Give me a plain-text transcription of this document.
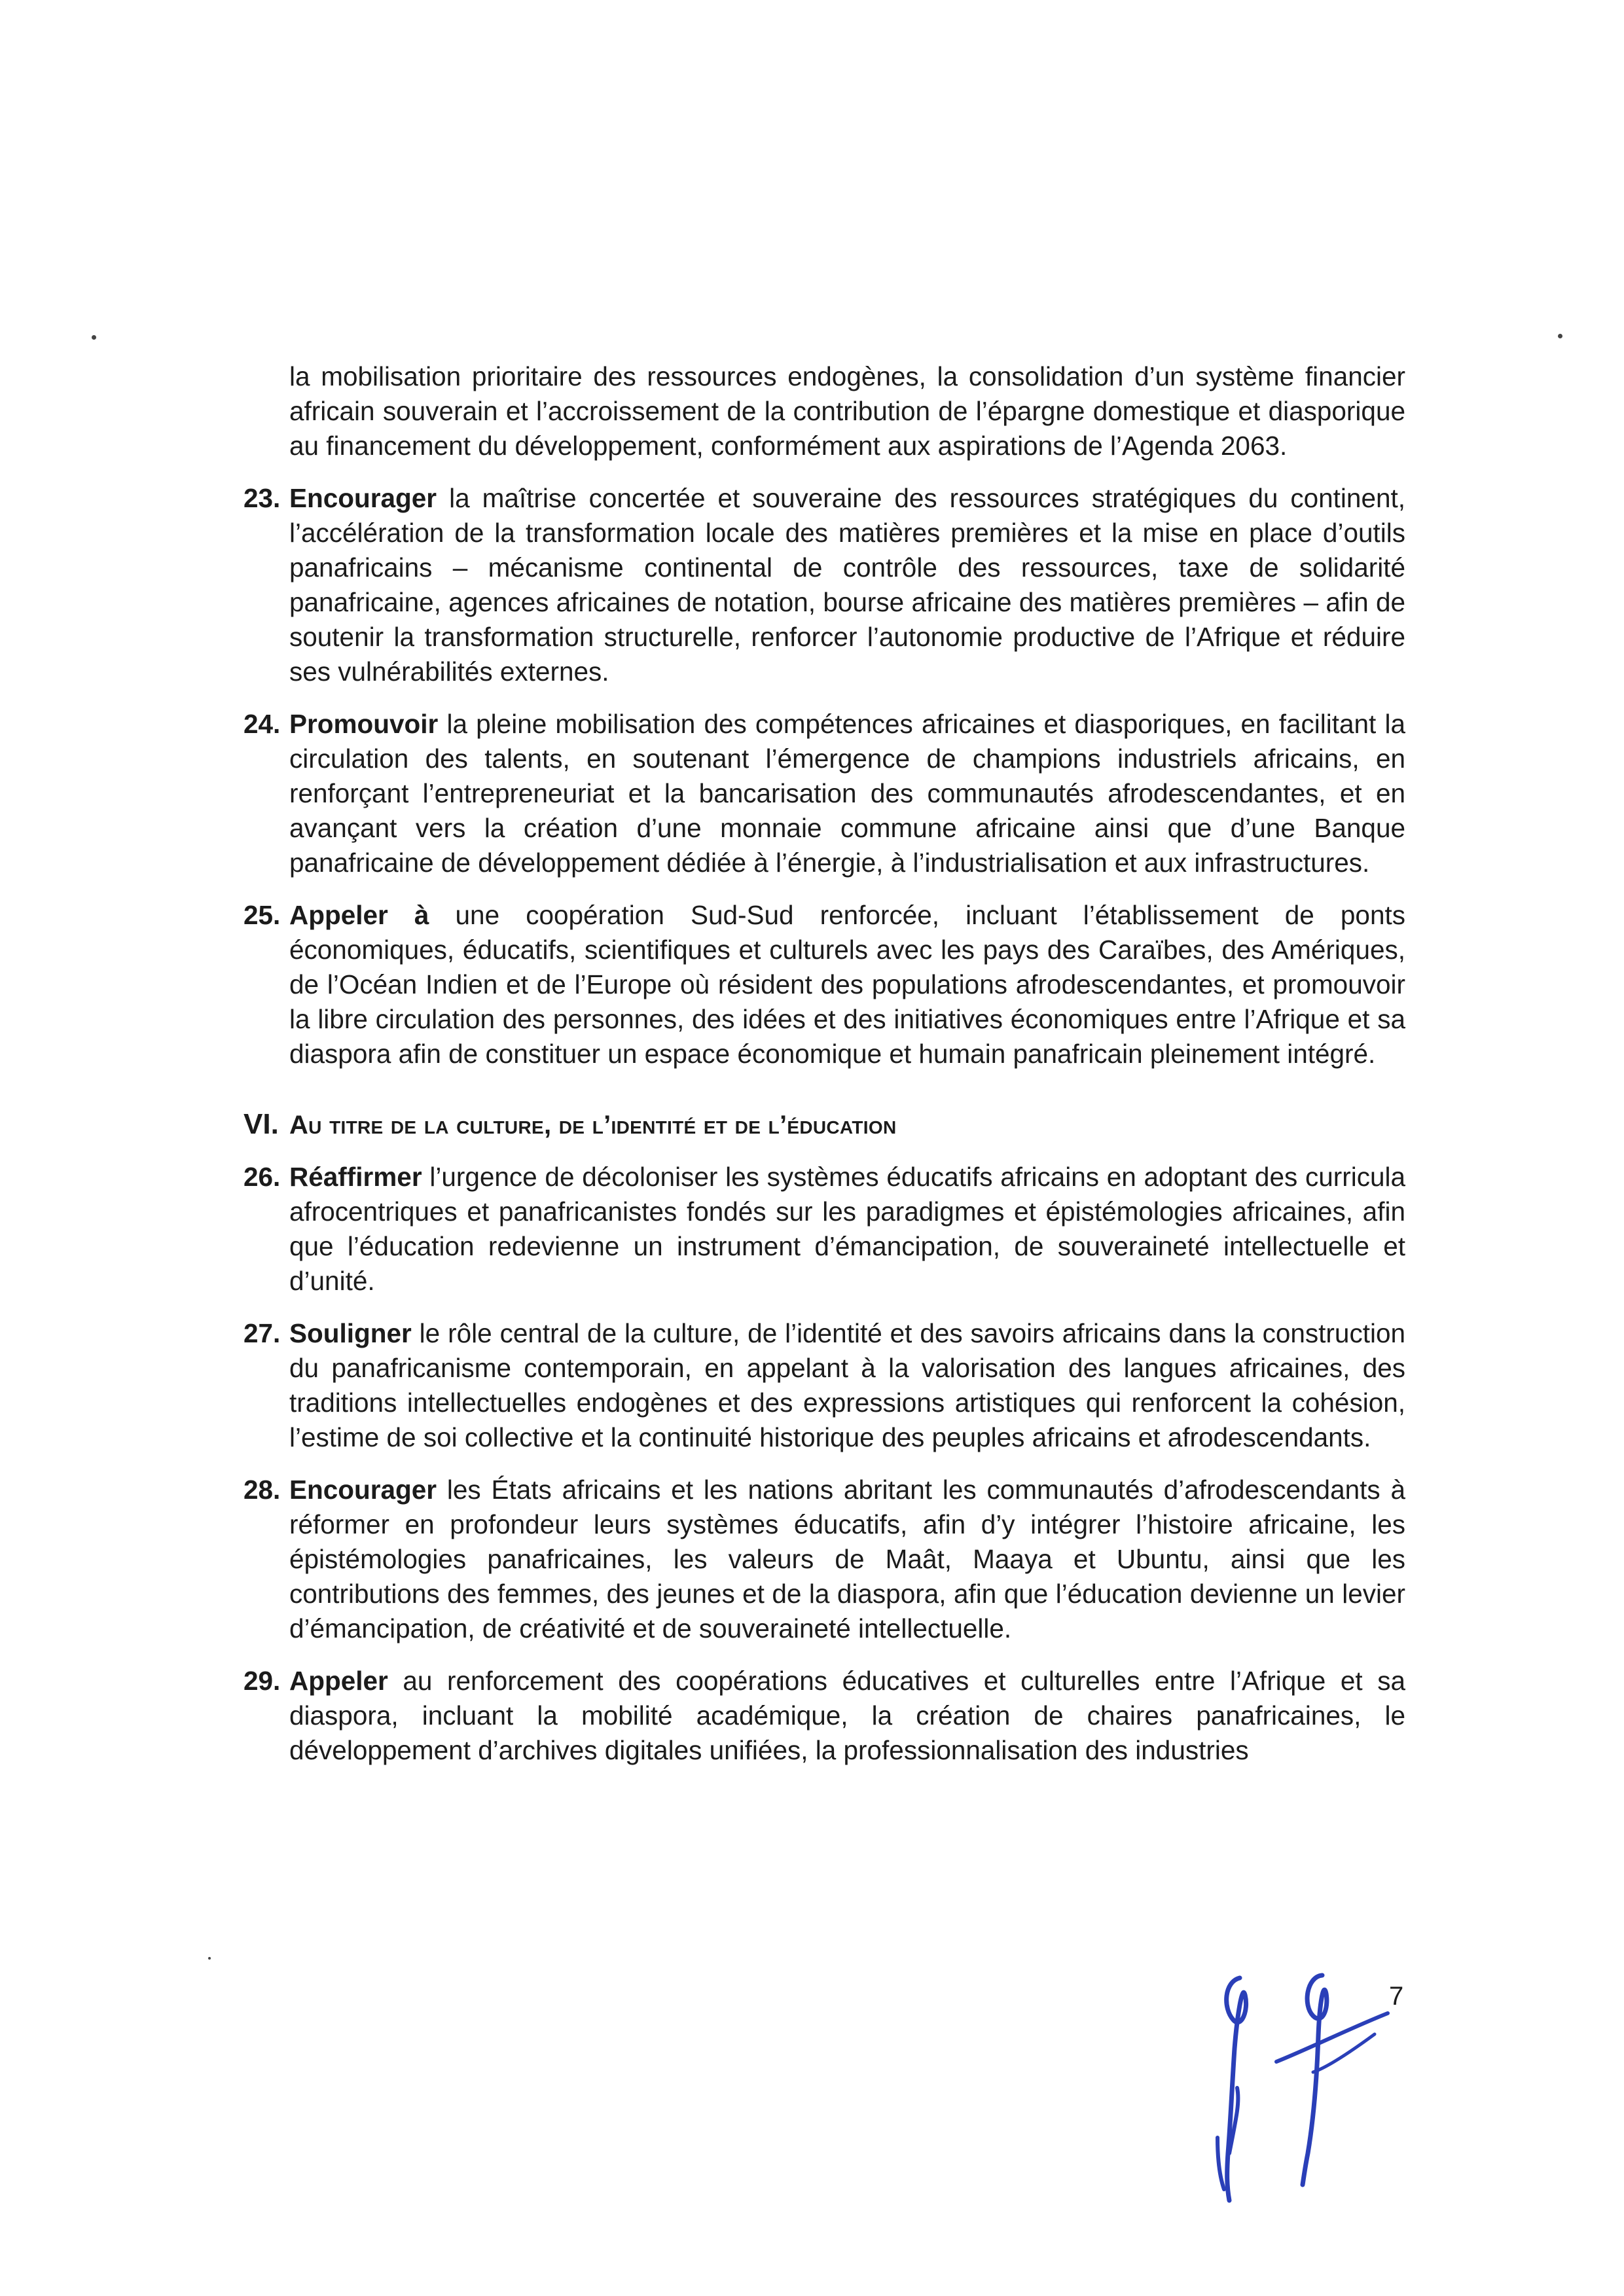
la mobilisation prioritaire des ressources endogènes, la consolidation d’un système financier africain souverain et l’accroissement de la contribution de l’épargne domestique et diasporique au financement du développement, conformément aux aspirations de l’Agenda 2063.

23. Encourager la maîtrise concertée et souveraine des ressources stratégiques du continent, l’accélération de la transformation locale des matières premières et la mise en place d’outils panafricains – mécanisme continental de contrôle des ressources, taxe de solidarité panafricaine, agences africaines de notation, bourse africaine des matières premières – afin de soutenir la transformation structurelle, renforcer l’autonomie productive de l’Afrique et réduire ses vulnérabilités externes.

24. Promouvoir la pleine mobilisation des compétences africaines et diasporiques, en facilitant la circulation des talents, en soutenant l’émergence de champions industriels africains, en renforçant l’entrepreneuriat et la bancarisation des communautés afrodescendantes, et en avançant vers la création d’une monnaie commune africaine ainsi que d’une Banque panafricaine de développement dédiée à l’énergie, à l’industrialisation et aux infrastructures.

25. Appeler à une coopération Sud-Sud renforcée, incluant l’établissement de ponts économiques, éducatifs, scientifiques et culturels avec les pays des Caraïbes, des Amériques, de l’Océan Indien et de l’Europe où résident des populations afrodescendantes, et promouvoir la libre circulation des personnes, des idées et des initiatives économiques entre l’Afrique et sa diaspora afin de constituer un espace économique et humain panafricain pleinement intégré.

VI. Au titre de la culture, de l’identité et de l’éducation
26. Réaffirmer l’urgence de décoloniser les systèmes éducatifs africains en adoptant des curricula afrocentriques et panafricanistes fondés sur les paradigmes et épistémologies africaines, afin que l’éducation redevienne un instrument d’émancipation, de souveraineté intellectuelle et d’unité.

27. Souligner le rôle central de la culture, de l’identité et des savoirs africains dans la construction du panafricanisme contemporain, en appelant à la valorisation des langues africaines, des traditions intellectuelles endogènes et des expressions artistiques qui renforcent la cohésion, l’estime de soi collective et la continuité historique des peuples africains et afrodescendants.

28. Encourager les États africains et les nations abritant les communautés d’afrodescendants à réformer en profondeur leurs systèmes éducatifs, afin d’y intégrer l’histoire africaine, les épistémologies panafricaines, les valeurs de Maât, Maaya et Ubuntu, ainsi que les contributions des femmes, des jeunes et de la diaspora, afin que l’éducation devienne un levier d’émancipation, de créativité et de souveraineté intellectuelle.

29. Appeler au renforcement des coopérations éducatives et culturelles entre l’Afrique et sa diaspora, incluant la mobilité académique, la création de chaires panafricaines, le développement d’archives digitales unifiées, la professionnalisation des industries

7
